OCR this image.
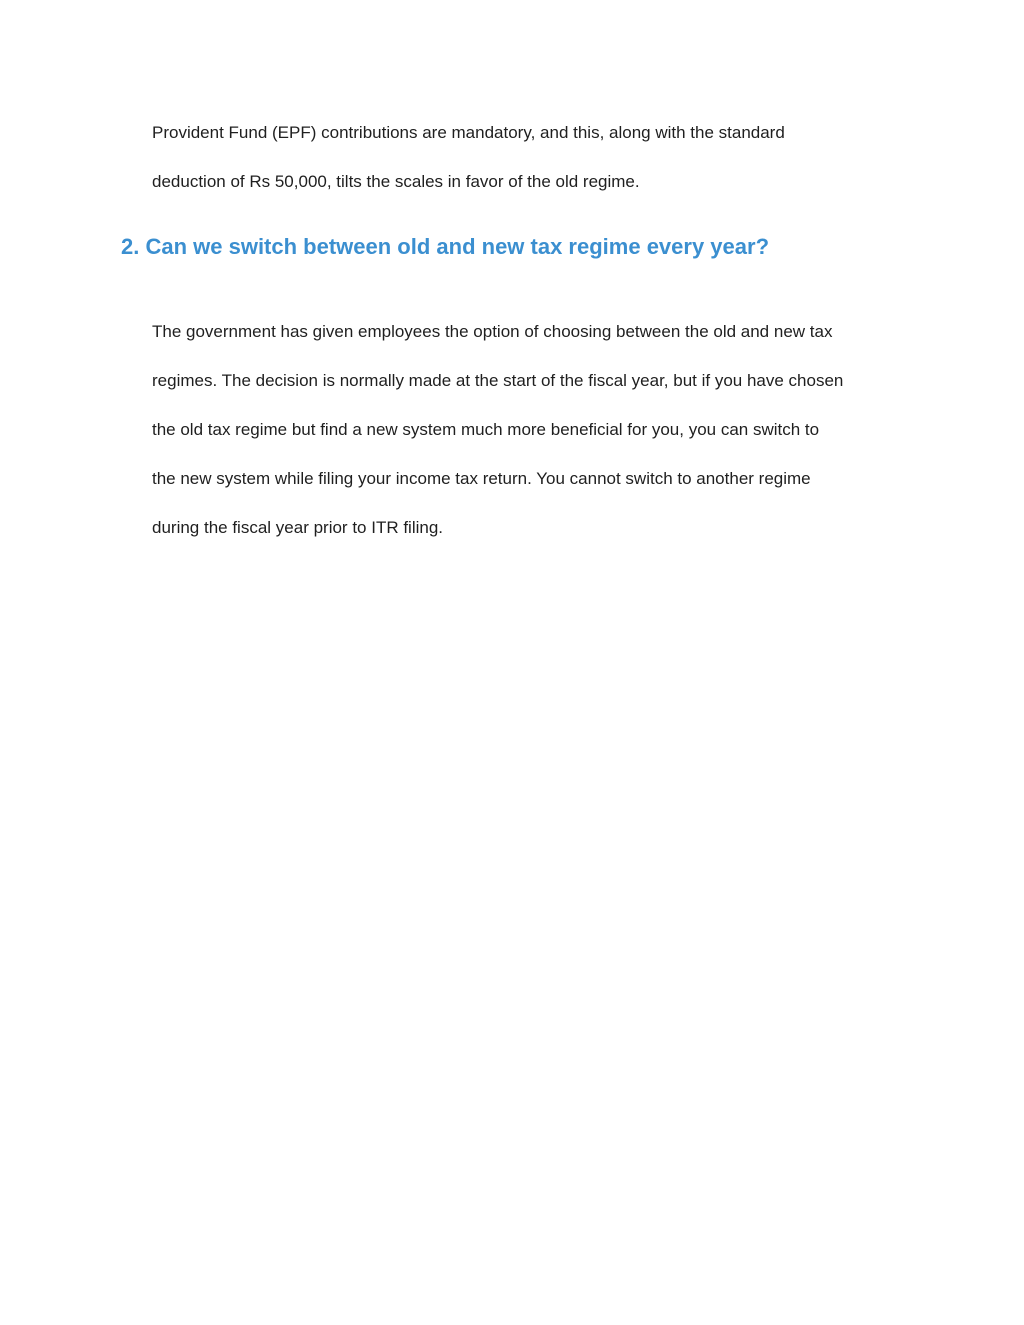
Provident Fund (EPF) contributions are mandatory, and this, along with the standard
deduction of Rs 50,000, tilts the scales in favor of the old regime.

2. Can we switch between old and new tax regime every year?

The government has given employees the option of choosing between the old and new tax
regimes. The decision is normally made at the start of the fiscal year, but if you have chosen
the old tax regime but find a new system much more beneficial for you, you can switch to
the new system while filing your income tax return. You cannot switch to another regime
during the fiscal year prior to ITR filing.
